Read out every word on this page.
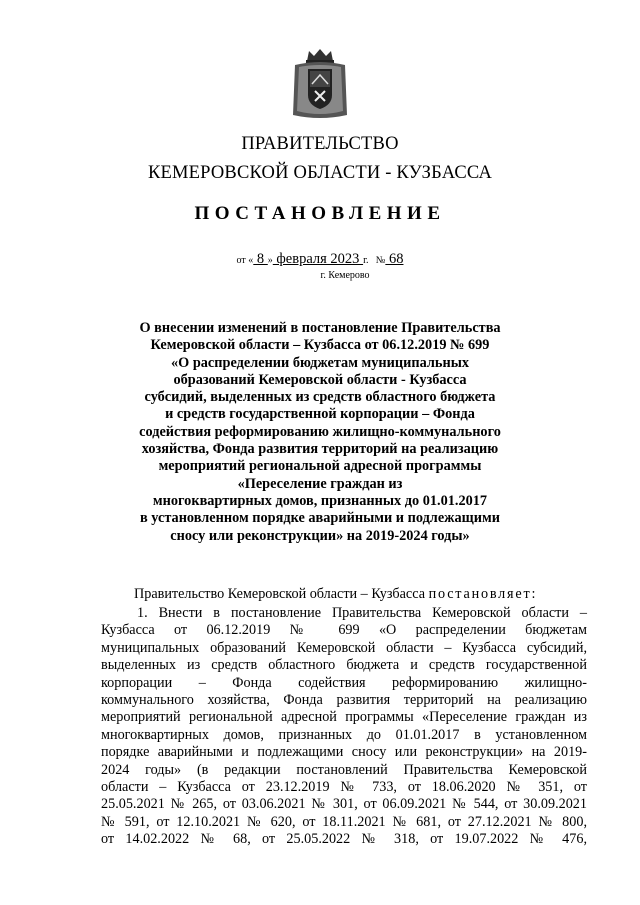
ПРАВИТЕЛЬСТВО
КЕМЕРОВСКОЙ ОБЛАСТИ - КУЗБАССА
ПОСТАНОВЛЕНИЕ
от « 8 » февраля 2023 г. № 68
г. Кемерово
О внесении изменений в постановление Правительства
Кемеровской области – Кузбасса от 06.12.2019 № 699
«О распределении бюджетам муниципальных
образований Кемеровской области - Кузбасса
субсидий, выделенных из средств областного бюджета
и средств государственной корпорации – Фонда
содействия реформированию жилищно-коммунального
хозяйства, Фонда развития территорий на реализацию
мероприятий региональной адресной программы
«Переселение граждан из
многоквартирных домов, признанных до 01.01.2017
в установленном порядке аварийными и подлежащими
сносу или реконструкции» на 2019-2024 годы»
Правительство Кемеровской области – Кузбасса постановляет:
1. Внести в постановление Правительства Кемеровской области –
Кузбасса от 06.12.2019 № 699 «О распределении бюджетам
муниципальных образований Кемеровской области – Кузбасса субсидий,
выделенных из средств областного бюджета и средств государственной
корпорации – Фонда содействия реформированию жилищно-
коммунального хозяйства, Фонда развития территорий на реализацию
мероприятий региональной адресной программы «Переселение граждан из
многоквартирных домов, признанных до 01.01.2017 в установленном
порядке аварийными и подлежащими сносу или реконструкции» на 2019-
2024 годы» (в редакции постановлений Правительства Кемеровской
области – Кузбасса от 23.12.2019 № 733, от 18.06.2020 № 351, от
25.05.2021 № 265, от 03.06.2021 № 301, от 06.09.2021 № 544, от 30.09.2021
№ 591, от 12.10.2021 № 620, от 18.11.2021 № 681, от 27.12.2021 № 800,
от 14.02.2022 № 68, от 25.05.2022 № 318, от 19.07.2022 № 476,
